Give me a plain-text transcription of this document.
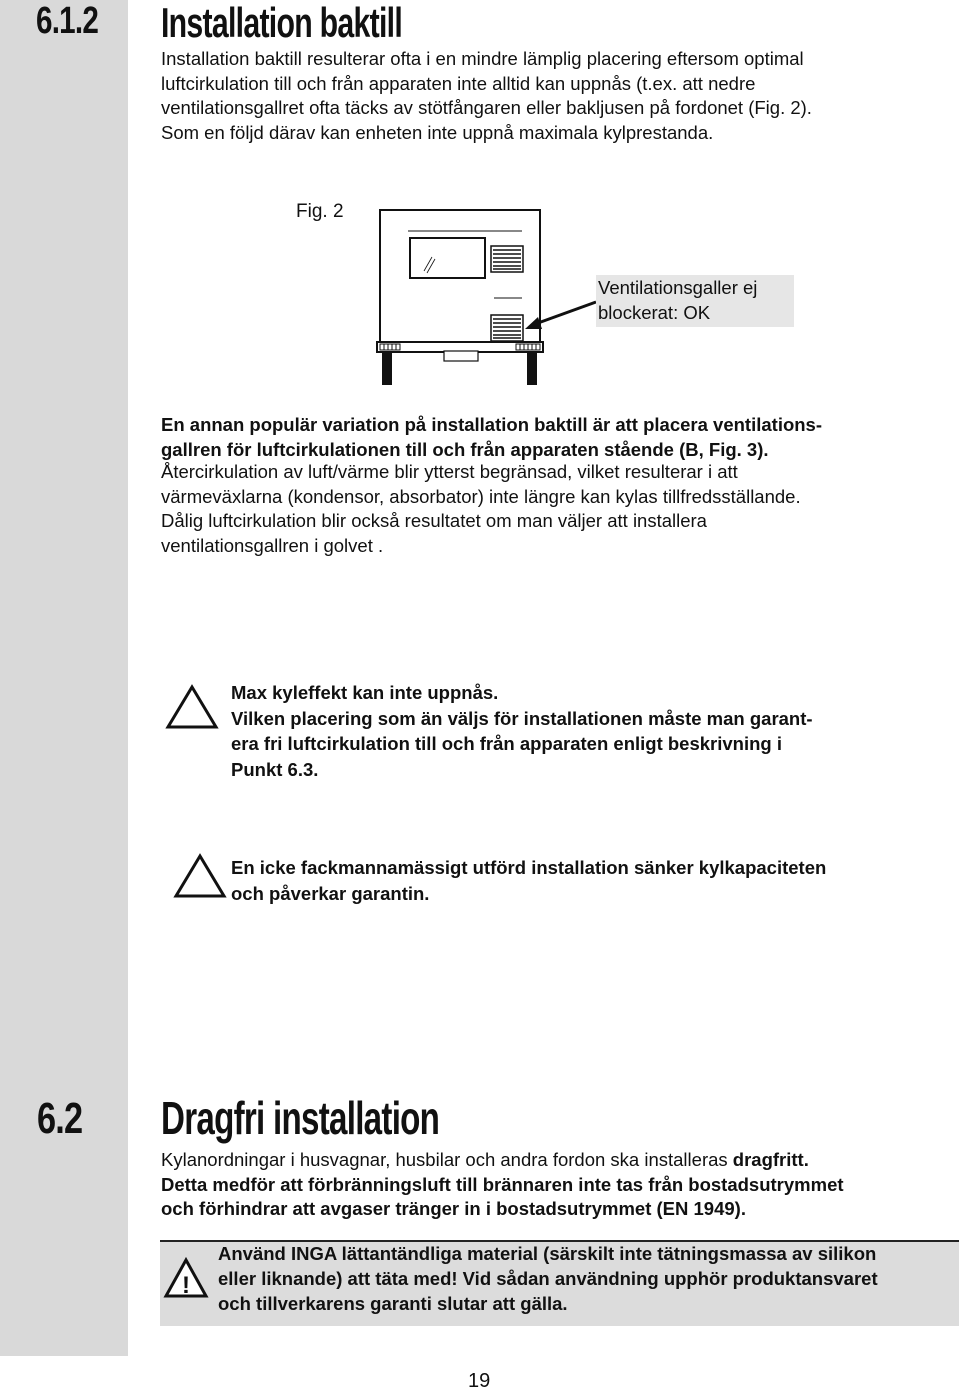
6.1.2 Installation baktill

Installation baktill resulterar ofta i en mindre lämplig placering eftersom optimal
luftcirkulation till och från apparaten inte alltid kan uppnås (t.ex. att nedre
ventilationsgallret ofta täcks av stötfångaren eller bakljusen på fordonet (Fig. 2).
Som en följd därav kan enheten inte uppnå maximala kylprestanda.

Fig. 2
Ventilationsgaller ej
blockerat: OK

En annan populär variation på installation baktill är att placera ventilations-
gallren för luftcirkulationen till och från apparaten stående (B, Fig. 3).

Återcirkulation av luft/värme blir ytterst begränsad, vilket resulterar i att
värmeväxlarna (kondensor, absorbator) inte längre kan kylas tillfredsställande.
Dålig luftcirkulation blir också resultatet om man väljer att installera
ventilationsgallren i golvet .

Max kyleffekt kan inte uppnås.
Vilken placering som än väljs för installationen måste man garant-
era fri luftcirkulation till och från apparaten enligt beskrivning i
Punkt 6.3.

En icke fackmannamässigt utförd installation sänker kylkapaciteten
och påverkar garantin.

6.2 Dragfri installation

Kylanordningar i husvagnar, husbilar och andra fordon ska installeras dragfritt.
Detta medför att förbränningsluft till brännaren inte tas från bostadsutrymmet
och förhindrar att avgaser tränger in i bostadsutrymmet (EN 1949).

!

Använd INGA lättantändliga material (särskilt inte tätningsmassa av silikon
eller liknande) att täta med! Vid sådan användning upphör produktansvaret
och tillverkarens garanti slutar att gälla.

19
